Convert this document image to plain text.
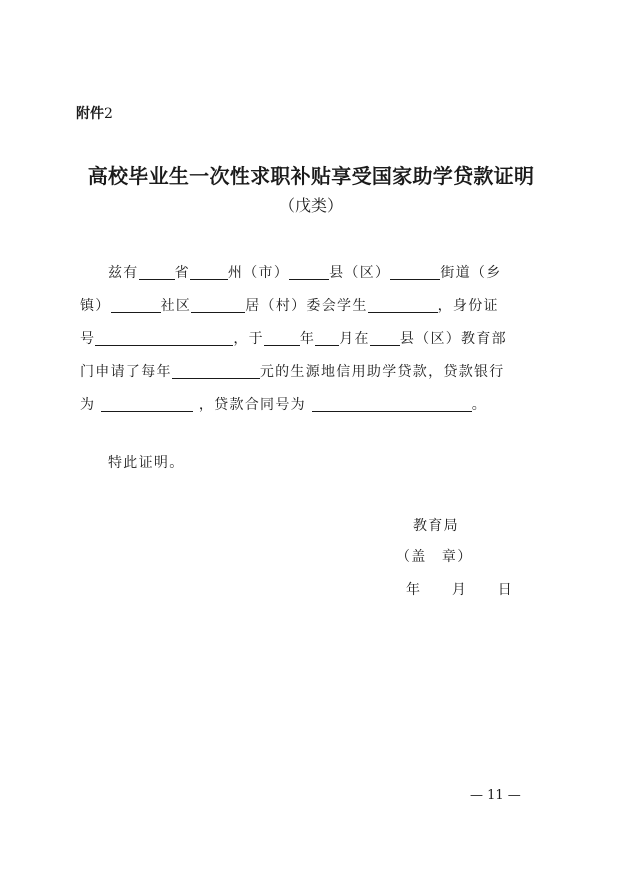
附件2
高校毕业生一次性求职补贴享受国家助学贷款证明
（戊类）
兹有	省	州（市）	县（区）	街道（乡
镇）	社区	居（村）委会学生	，身份证
号	，于	年 月在 县（区）教育部
门申请了每年	元的生源地信用助学贷款，贷款银行
为	，贷款合同号为	。
特此证明。
教育局
（盖　章）
年　　月　　日
— 11 —
